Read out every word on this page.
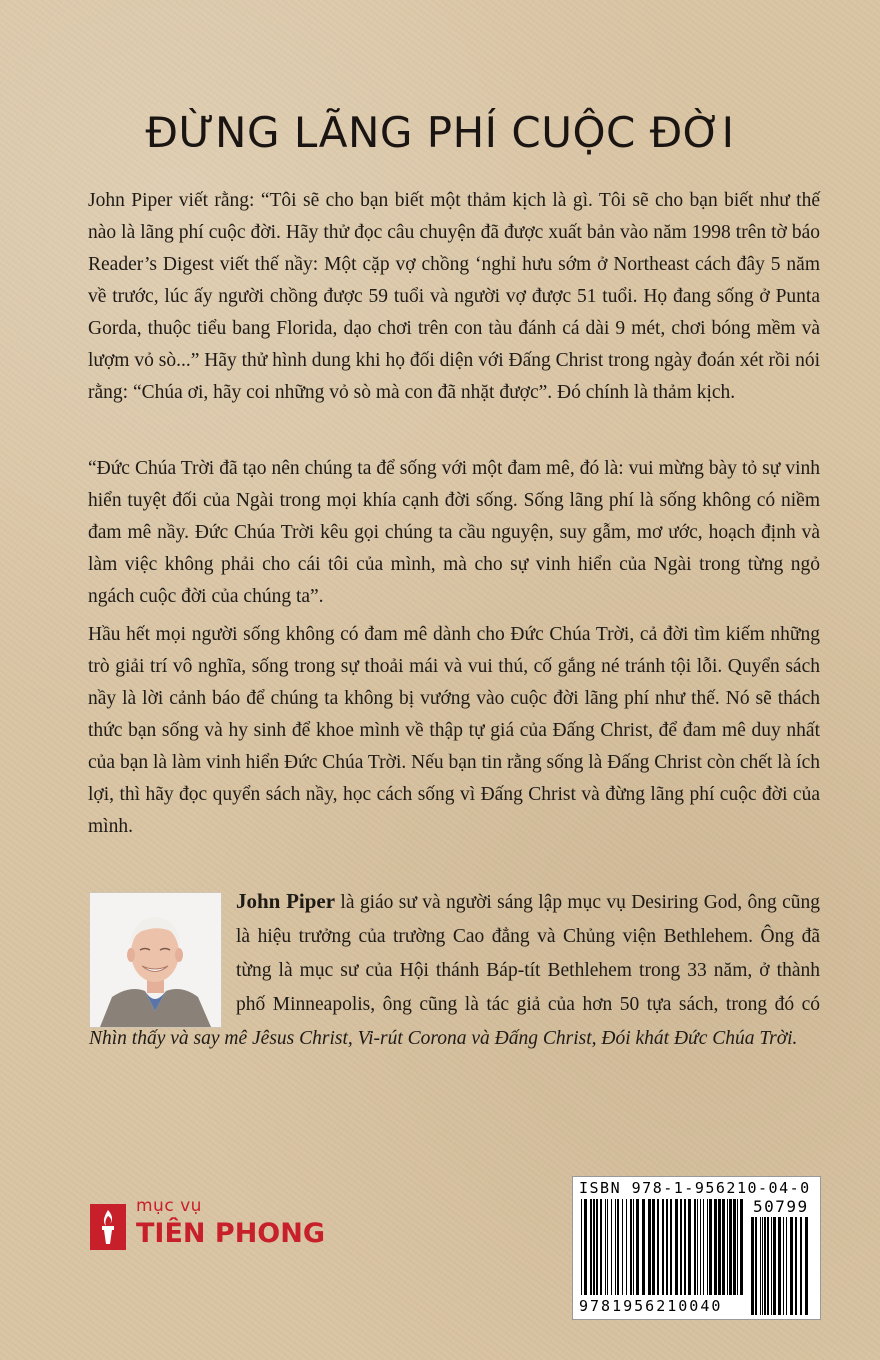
ĐỪNG LÃNG PHÍ CUỘC ĐỜI

John Piper viết rằng: “Tôi sẽ cho bạn biết một thảm kịch là gì. Tôi sẽ cho bạn biết như thế nào là lãng phí cuộc đời. Hãy thử đọc câu chuyện đã được xuất bản vào năm 1998 trên tờ báo Reader’s Digest viết thế nầy: Một cặp vợ chồng ‘nghỉ hưu sớm ở Northeast cách đây 5 năm về trước, lúc ấy người chồng được 59 tuổi và người vợ được 51 tuổi. Họ đang sống ở Punta Gorda, thuộc tiểu bang Florida, dạo chơi trên con tàu đánh cá dài 9 mét, chơi bóng mềm và lượm vỏ sò...” Hãy thử hình dung khi họ đối diện với Đấng Christ trong ngày đoán xét rồi nói rằng: “Chúa ơi, hãy coi những vỏ sò mà con đã nhặt được”. Đó chính là thảm kịch.

“Đức Chúa Trời đã tạo nên chúng ta để sống với một đam mê, đó là: vui mừng bày tỏ sự vinh hiển tuyệt đối của Ngài trong mọi khía cạnh đời sống. Sống lãng phí là sống không có niềm đam mê nầy. Đức Chúa Trời kêu gọi chúng ta cầu nguyện, suy gẫm, mơ ước, hoạch định và làm việc không phải cho cái tôi của mình, mà cho sự vinh hiển của Ngài trong từng ngỏ ngách cuộc đời của chúng ta”.

Hầu hết mọi người sống không có đam mê dành cho Đức Chúa Trời, cả đời tìm kiếm những trò giải trí vô nghĩa, sống trong sự thoải mái và vui thú, cố gắng né tránh tội lỗi. Quyển sách nầy là lời cảnh báo để chúng ta không bị vướng vào cuộc đời lãng phí như thế. Nó sẽ thách thức bạn sống và hy sinh để khoe mình về thập tự giá của Đấng Christ, để đam mê duy nhất của bạn là làm vinh hiển Đức Chúa Trời. Nếu bạn tin rằng sống là Đấng Christ còn chết là ích lợi, thì hãy đọc quyển sách nầy, học cách sống vì Đấng Christ và đừng lãng phí cuộc đời của mình.

John Piper là giáo sư và người sáng lập mục vụ Desiring God, ông cũng là hiệu trưởng của trường Cao đẳng và Chủng viện Bethlehem. Ông đã từng là mục sư của Hội thánh Báp-tít Bethlehem trong 33 năm, ở thành phố Minneapolis, ông cũng là tác giả của hơn 50 tựa sách, trong đó có Nhìn thấy và say mê Jêsus Christ, Vi-rút Corona và Đấng Christ, Đói khát Đức Chúa Trời.

mục vụ
TIÊN PHONG
ISBN 978-1-956210-04-0
9781956210040
50799
